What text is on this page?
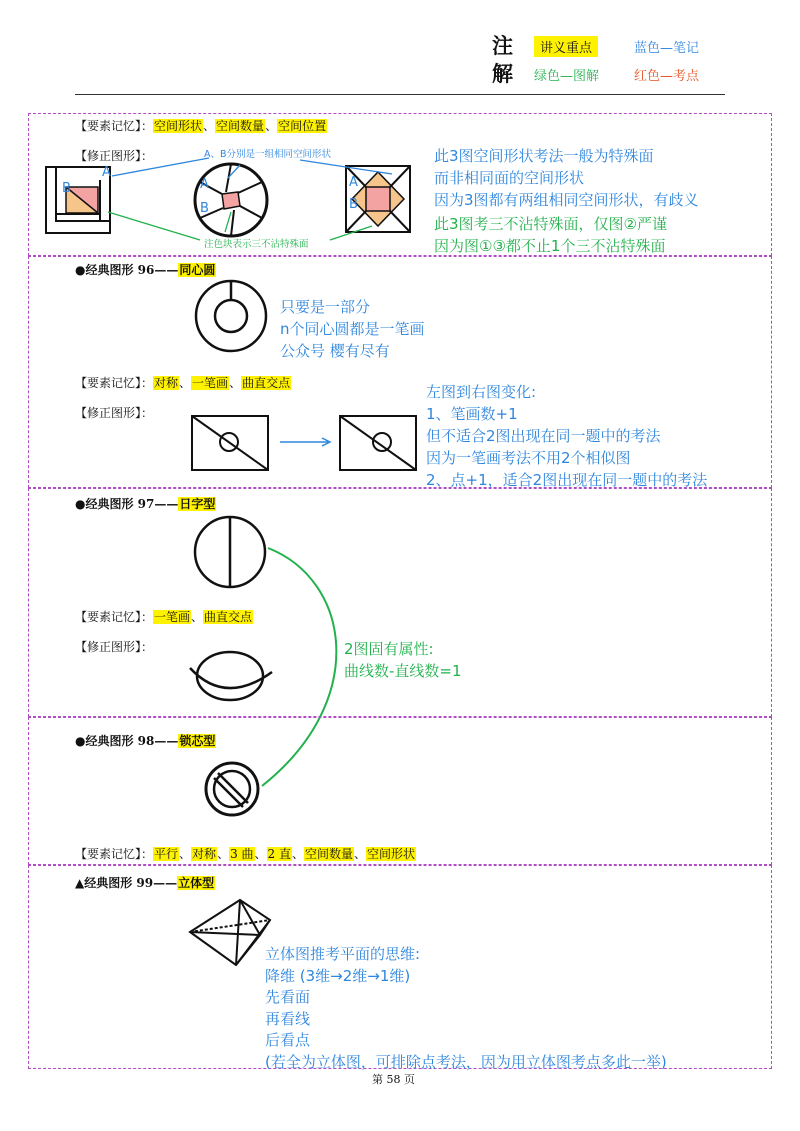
注
解
讲义重点	蓝色—笔记
绿色—图解	红色—考点
【要素记忆】：空间形状、空间数量、空间位置
【修正图形】：
A
B	A
B
A
B
A、B分别是一组相同空间形状
注色块表示三不沾特殊面
此3图空间形状考法一般为特殊面
而非相同面的空间形状
因为3图都有两组相同空间形状，有歧义
此3图考三不沾特殊面，仅图②严谨
因为图①③都不止1个三不沾特殊面
●经典图形 96——同心圆
只要是一部分
n个同心圆都是一笔画
公众号 樱有尽有
【要素记忆】：对称、一笔画、曲直交点
【修正图形】：
左图到右图变化:
1、笔画数+1
但不适合2图出现在同一题中的考法
因为一笔画考法不用2个相似图
2、点+1，适合2图出现在同一题中的考法
●经典图形 97——日字型
【要素记忆】：一笔画、曲直交点
【修正图形】：	2图固有属性:
曲线数-直线数=1
●经典图形 98——锁芯型
【要素记忆】：平行、对称、3 曲、2 直、空间数量、空间形状
▲经典图形 99——立体型
立体图推考平面的思维:
降维 (3维→2维→1维)
先看面
再看线
后看点
(若全为立体图，可排除点考法，因为用立体图考点多此一举)
第 58 页
